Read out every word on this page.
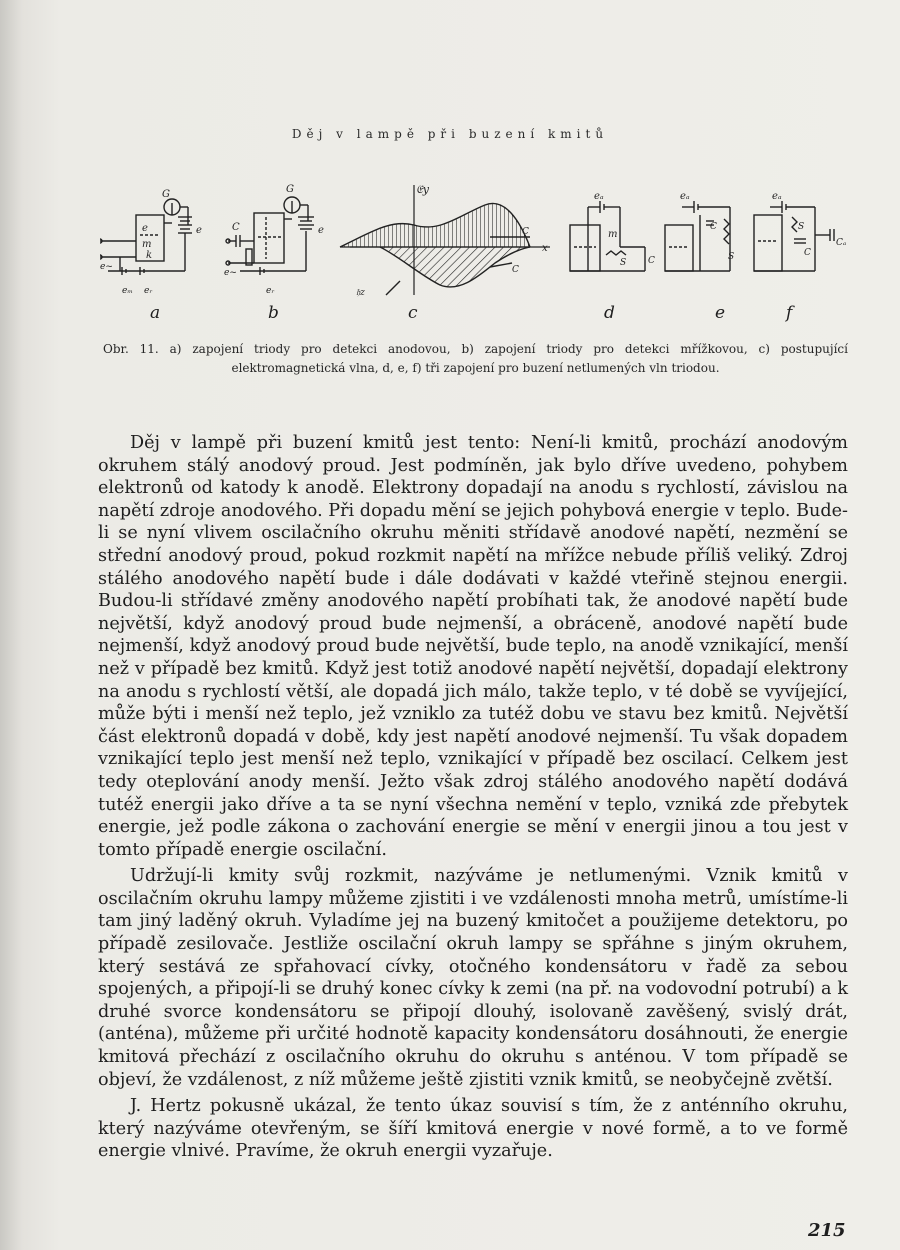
Děj v lampě při buzení kmitů
G
e
m
k
e
e~
eₘ eᵣ
G
e
C
e~
eᵣ
𝔈y
x
C
C
𝔥z
eₐ
m
S C
eₐ
C
S
eₐ
S
C
Cₐ
a	b	c	d	e	f
Obr. 11. a) zapojení triody pro detekci anodovou, b) zapojení triody pro detekci mřížkovou, c) postupující
elektromagnetická vlna, d, e, f) tři zapojení pro buzení netlumených vln triodou.

Děj v lampě při buzení kmitů jest tento: Není-li kmitů, prochází anodovým okruhem stálý anodový proud. Jest podmíněn, jak bylo dříve uvedeno, pohybem elektronů od katody k anodě. Elektrony dopadají na anodu s rychlostí, závislou na napětí zdroje anodového. Při dopadu mění se jejich pohybová energie v teplo. Bude-li se nyní vlivem oscilačního okruhu měniti střídavě anodové napětí, nezmění se střední anodový proud, pokud rozkmit napětí na mřížce nebude příliš veliký. Zdroj stálého anodového napětí bude i dále dodávati v každé vteřině stejnou energii. Budou-li střídavé změny anodového napětí probíhati tak, že anodové napětí bude největší, když anodový proud bude nejmenší, a obráceně, anodové napětí bude nejmenší, když anodový proud bude největší, bude teplo, na anodě vznikající, menší než v případě bez kmitů. Když jest totiž anodové napětí největší, dopadají elektrony na anodu s rychlostí větší, ale dopadá jich málo, takže teplo, v té době se vyvíjející, může býti i menší než teplo, jež vzniklo za tutéž dobu ve stavu bez kmitů. Největší část elektronů dopadá v době, kdy jest napětí anodové nejmenší. Tu však dopadem vznikající teplo jest menší než teplo, vznikající v případě bez oscilací. Celkem jest tedy oteplování anody menší. Ježto však zdroj stálého anodového napětí dodává tutéž energii jako dříve a ta se nyní všechna nemění v teplo, vzniká zde přebytek energie, jež podle zákona o zachování energie se mění v energii jinou a tou jest v tomto případě energie oscilační.

Udržují-li kmity svůj rozkmit, nazýváme je netlumenými. Vznik kmitů v oscilačním okruhu lampy můžeme zjistiti i ve vzdálenosti mnoha metrů, umístíme-li tam jiný laděný okruh. Vyladíme jej na buzený kmitočet a použijeme detektoru, po případě zesilovače. Jestliže oscilační okruh lampy se spřáhne s jiným okruhem, který sestává ze spřahovací cívky, otočného kondensátoru v řadě za sebou spojených, a připojí-li se druhý konec cívky k zemi (na př. na vodovodní potrubí) a k druhé svorce kondensátoru se připojí dlouhý, isolovaně zavěšený, svislý drát, (anténa), můžeme při určité hodnotě kapacity kondensátoru dosáhnouti, že energie kmitová přechází z oscilačního okruhu do okruhu s anténou. V tom případě se objeví, že vzdálenost, z níž můžeme ještě zjistiti vznik kmitů, se neobyčejně zvětší.

J. Hertz pokusně ukázal, že tento úkaz souvisí s tím, že z anténního okruhu, který nazýváme otevřeným, se šíří kmitová energie v nové formě, a to ve formě energie vlnivé. Pravíme, že okruh energii vyzařuje.

215
